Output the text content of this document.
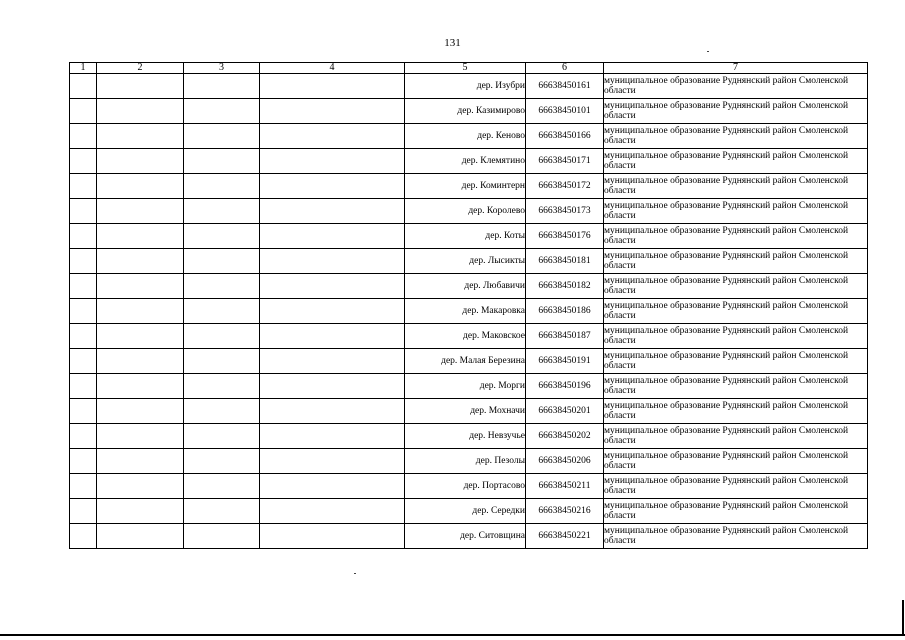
131
1	2	3	4	5	6	7
				дер. Изубри	66638450161	муниципальное образование Руднянский район Смоленской области
				дер. Казимирово	66638450101	муниципальное образование Руднянский район Смоленской области
				дер. Кеново	66638450166	муниципальное образование Руднянский район Смоленской области
				дер. Клемятино	66638450171	муниципальное образование Руднянский район Смоленской области
				дер. Коминтерн	66638450172	муниципальное образование Руднянский район Смоленской области
				дер. Королево	66638450173	муниципальное образование Руднянский район Смоленской области
				дер. Коты	66638450176	муниципальное образование Руднянский район Смоленской области
				дер. Лысикты	66638450181	муниципальное образование Руднянский район Смоленской области
				дер. Любавичи	66638450182	муниципальное образование Руднянский район Смоленской области
				дер. Макаровка	66638450186	муниципальное образование Руднянский район Смоленской области
				дер. Маковское	66638450187	муниципальное образование Руднянский район Смоленской области
				дер. Малая Березина	66638450191	муниципальное образование Руднянский район Смоленской области
				дер. Морги	66638450196	муниципальное образование Руднянский район Смоленской области
				дер. Мохначи	66638450201	муниципальное образование Руднянский район Смоленской области
				дер. Невзучье	66638450202	муниципальное образование Руднянский район Смоленской области
				дер. Пезолы	66638450206	муниципальное образование Руднянский район Смоленской области
				дер. Портасово	66638450211	муниципальное образование Руднянский район Смоленской области
				дер. Середки	66638450216	муниципальное образование Руднянский район Смоленской области
				дер. Ситовщина	66638450221	муниципальное образование Руднянский район Смоленской области
